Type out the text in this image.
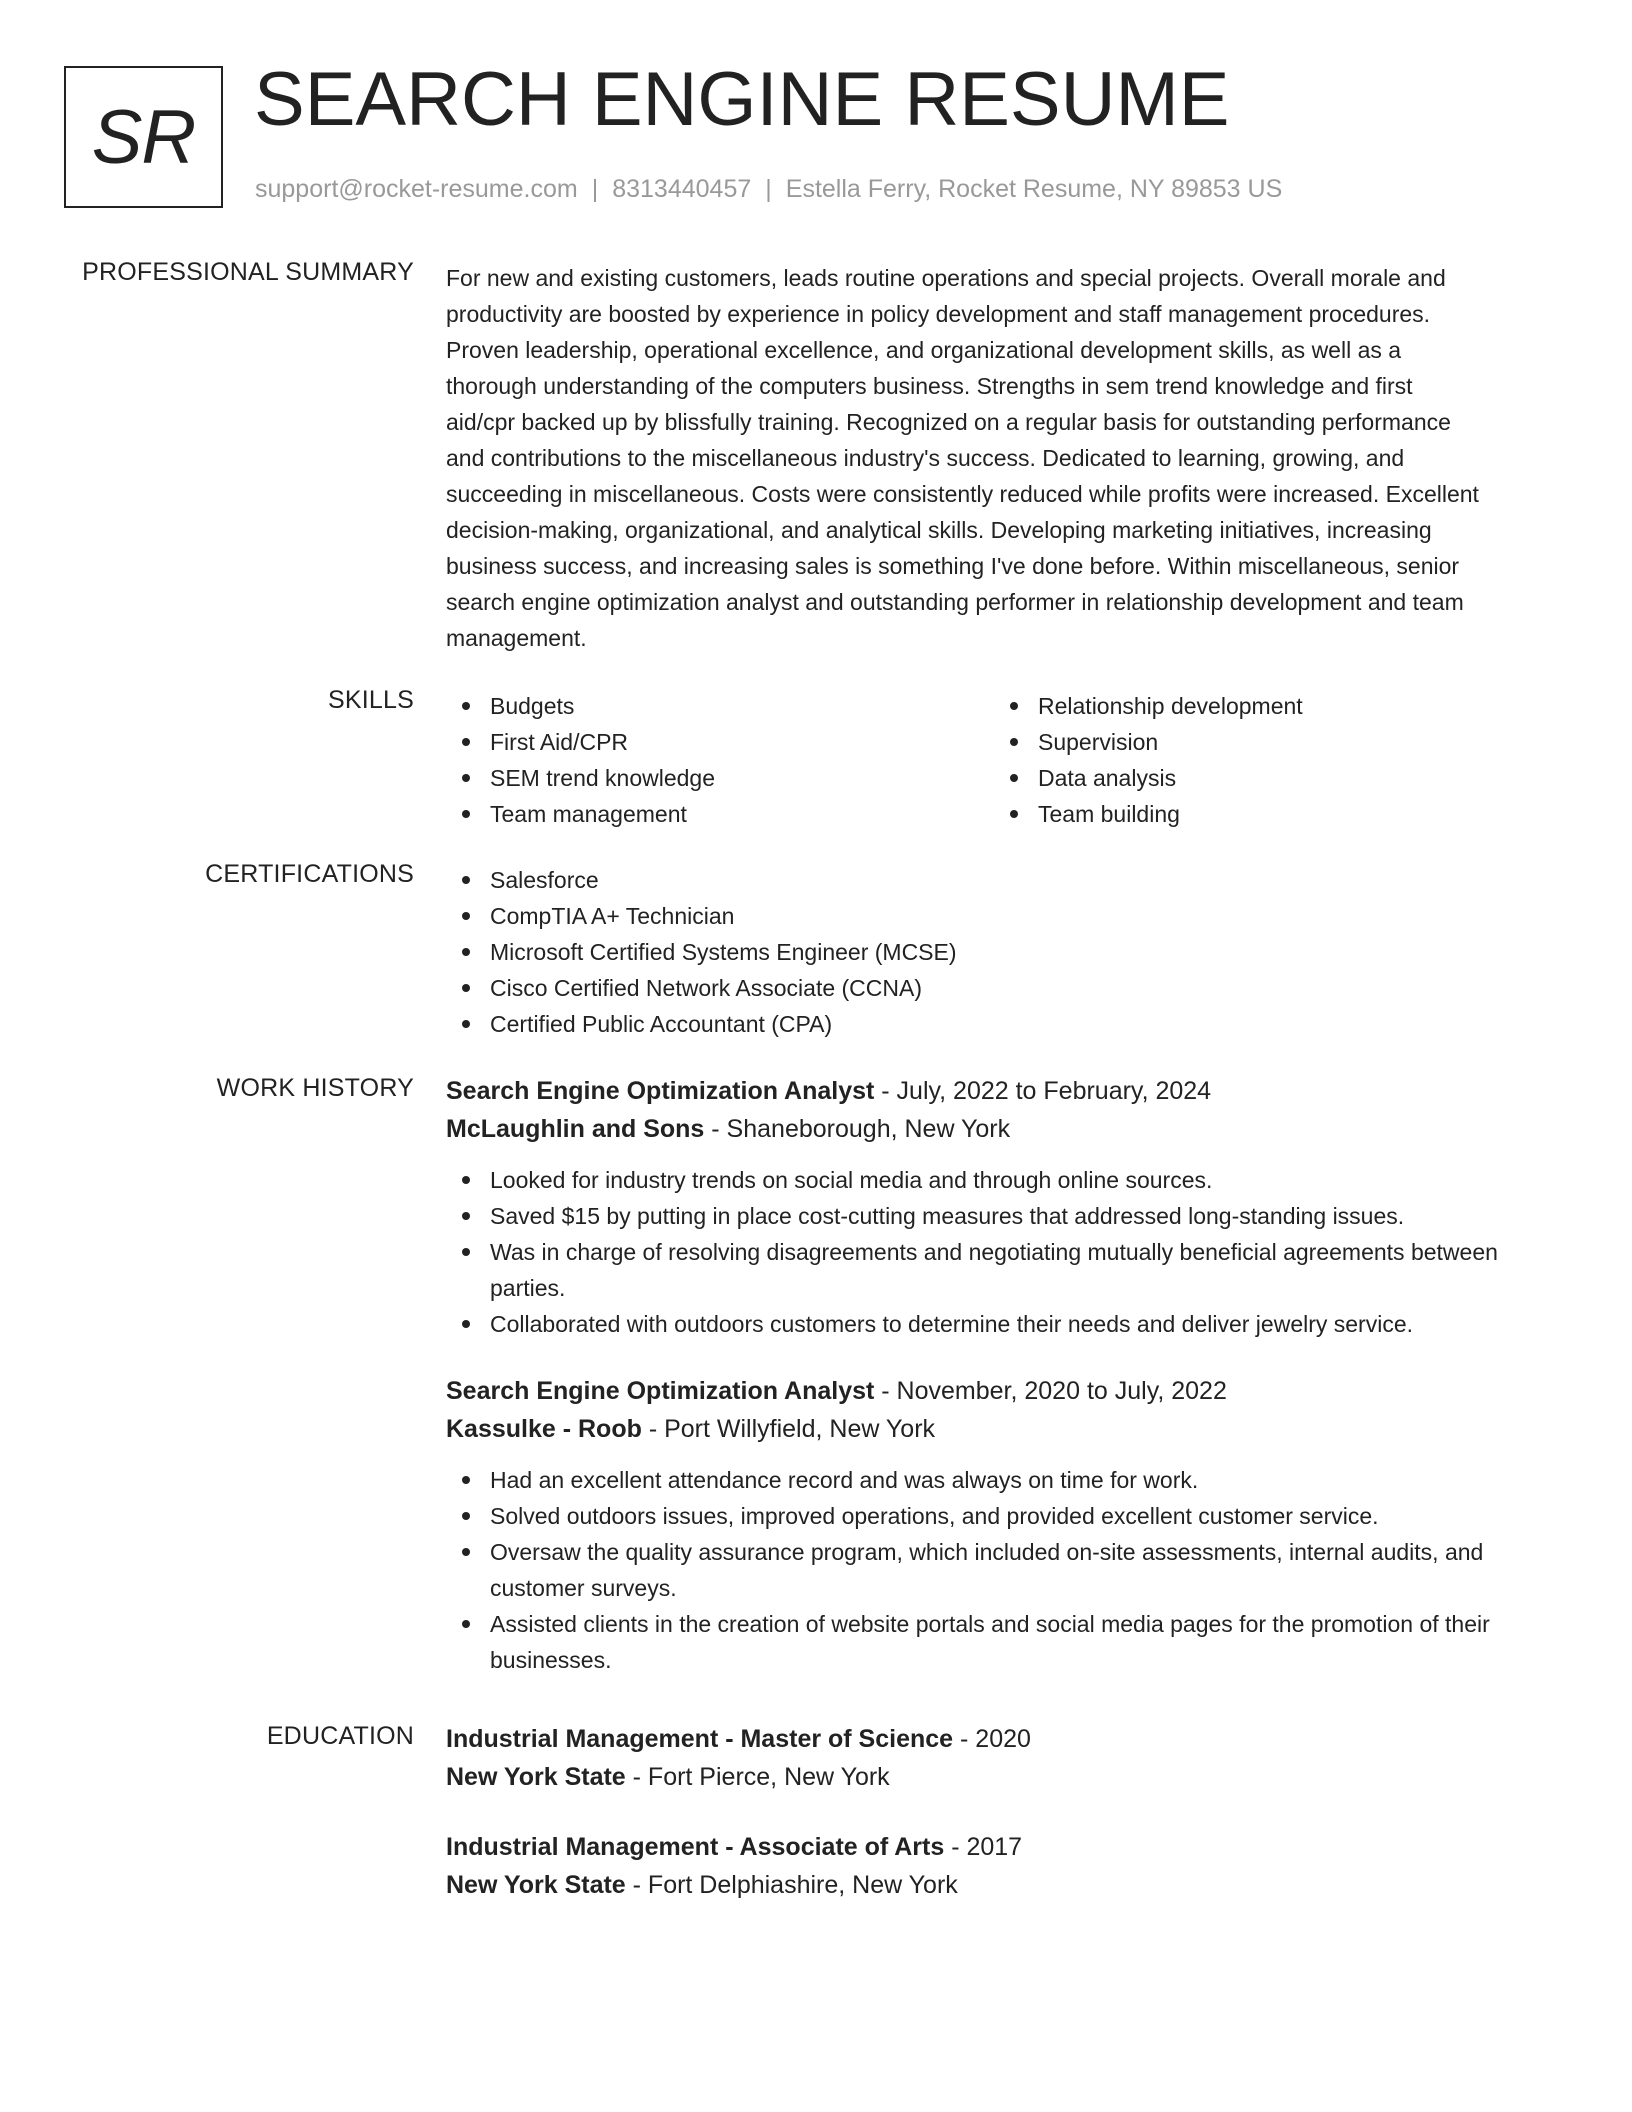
SR SEARCH ENGINE RESUME
support@rocket-resume.com | 8313440457 | Estella Ferry, Rocket Resume, NY 89853 US
PROFESSIONAL SUMMARY For new and existing customers, leads routine operations and special projects. Overall morale and

productivity are boosted by experience in policy development and staff management procedures.

Proven leadership, operational excellence, and organizational development skills, as well as a

thorough understanding of the computers business. Strengths in sem trend knowledge and first

aid/cpr backed up by blissfully training. Recognized on a regular basis for outstanding performance

and contributions to the miscellaneous industry's success. Dedicated to learning, growing, and

succeeding in miscellaneous. Costs were consistently reduced while profits were increased. Excellent

decision-making, organizational, and analytical skills. Developing marketing initiatives, increasing

business success, and increasing sales is something I've done before. Within miscellaneous, senior

search engine optimization analyst and outstanding performer in relationship development and team

management.

SKILLS	Budgets
First Aid/CPR
SEM trend knowledge
Team management
Relationship development
Supervision
Data analysis
Team building
CERTIFICATIONS	Salesforce
CompTIA A+ Technician
Microsoft Certified Systems Engineer (MCSE)
Cisco Certified Network Associate (CCNA)
Certified Public Accountant (CPA)
WORK HISTORY Search Engine Optimization Analyst - July, 2022 to February, 2024
McLaughlin and Sons - Shaneborough, New York
Looked for industry trends on social media and through online sources.
Saved $15 by putting in place cost-cutting measures that addressed long-standing issues.
Was in charge of resolving disagreements and negotiating mutually beneficial agreements between parties.
Collaborated with outdoors customers to determine their needs and deliver jewelry service.
Search Engine Optimization Analyst - November, 2020 to July, 2022
Kassulke - Roob - Port Willyfield, New York
Had an excellent attendance record and was always on time for work.
Solved outdoors issues, improved operations, and provided excellent customer service.
Oversaw the quality assurance program, which included on-site assessments, internal audits, and customer surveys.
Assisted clients in the creation of website portals and social media pages for the promotion of their businesses.
EDUCATION Industrial Management - Master of Science - 2020
New York State - Fort Pierce, New York
Industrial Management - Associate of Arts - 2017
New York State - Fort Delphiashire, New York
